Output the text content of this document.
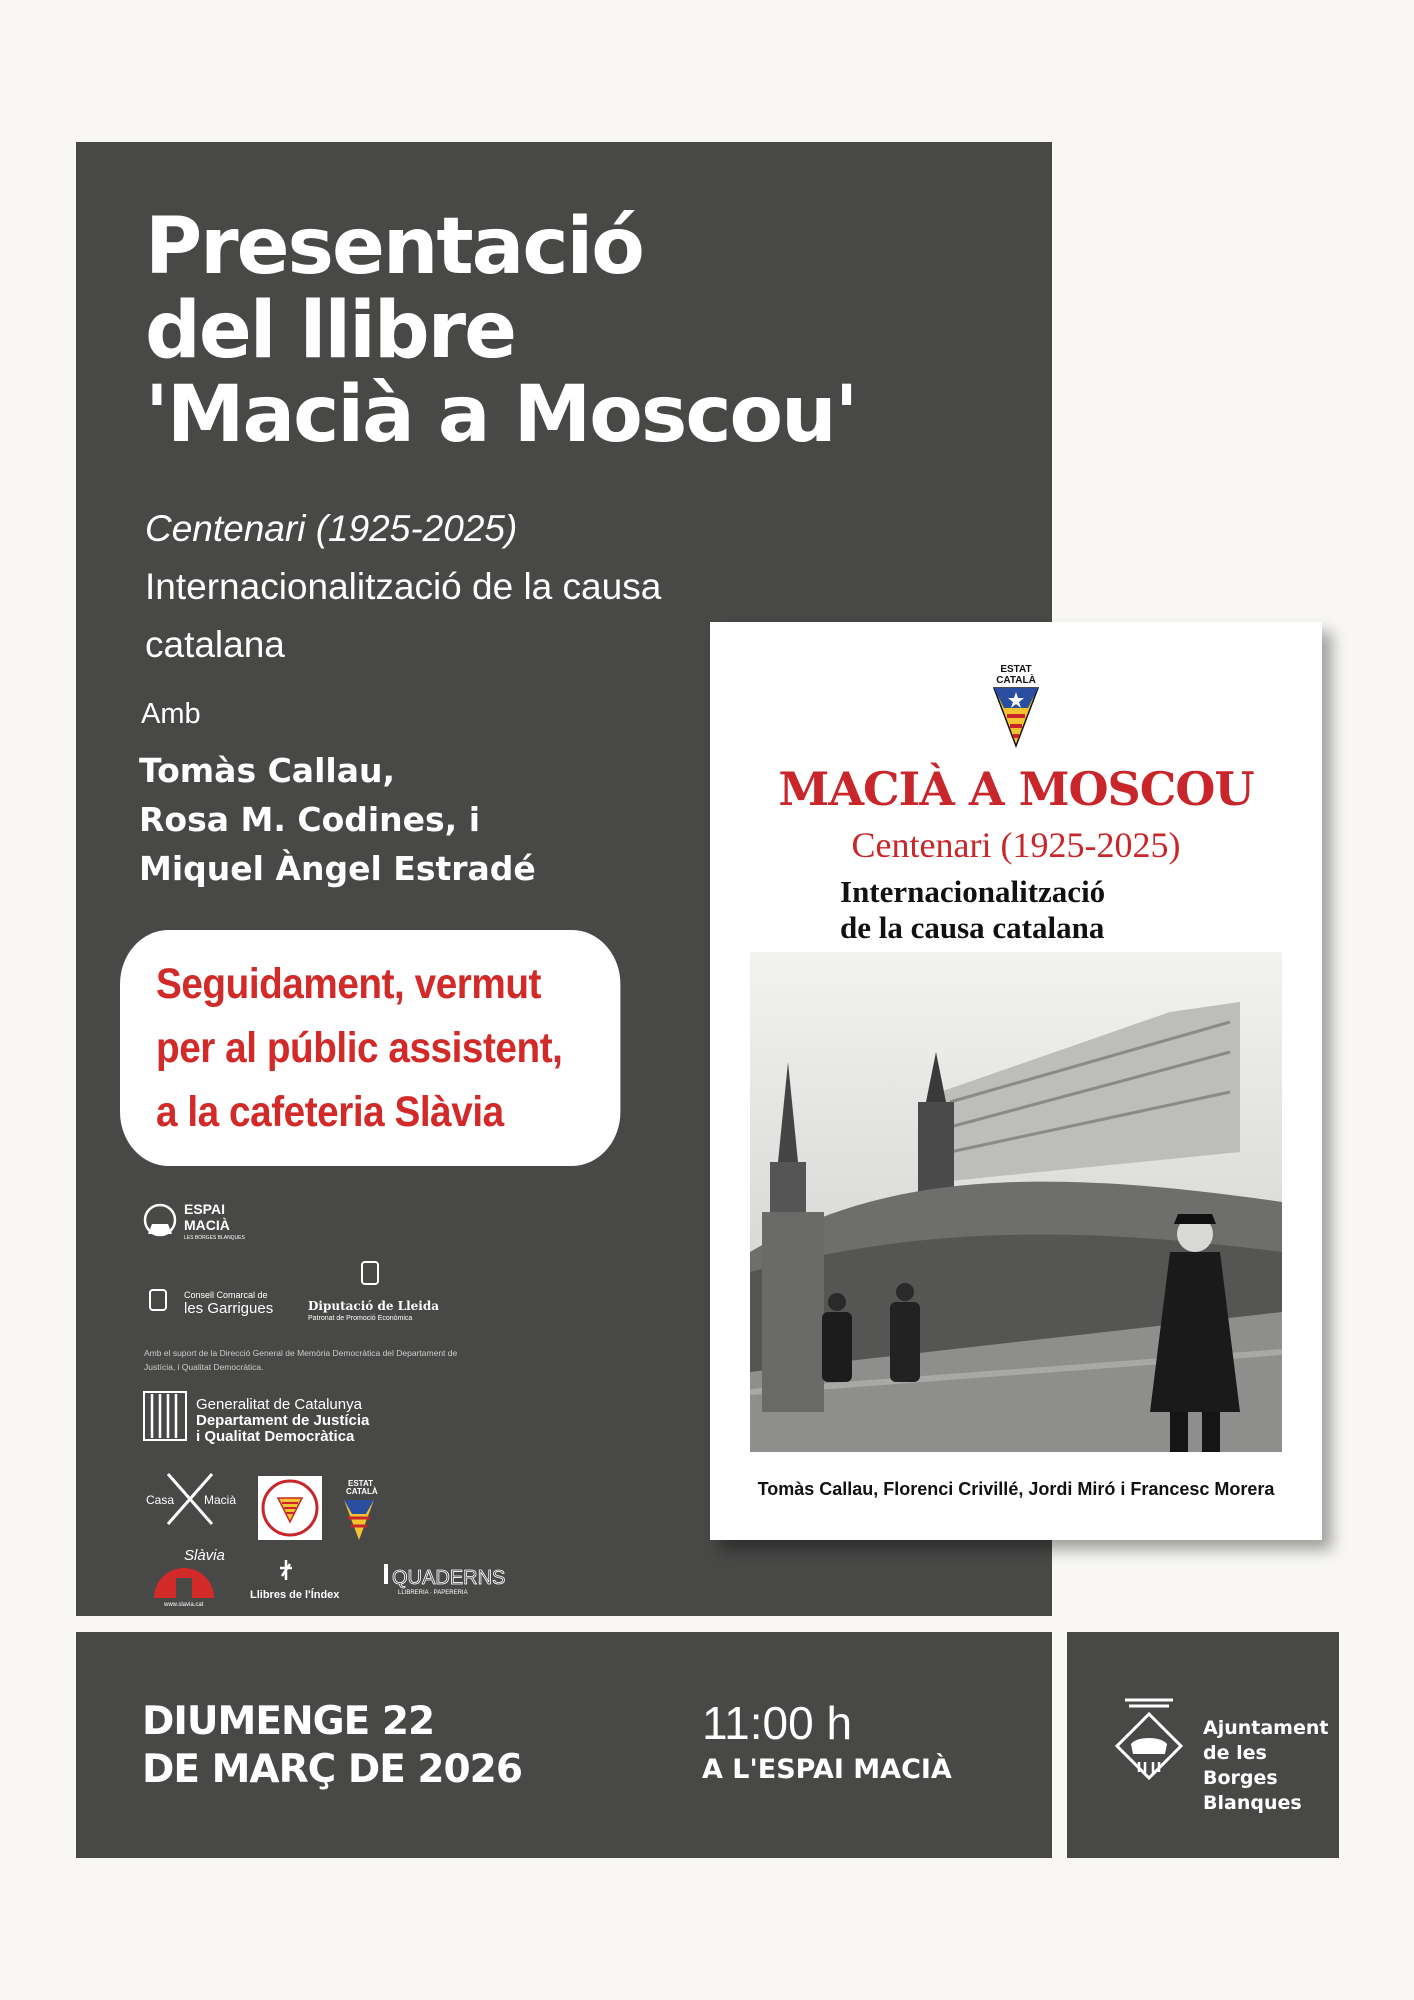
Presentació
del llibre
'Macià a Moscou'
Centenari (1925-2025)
Internacionalització de la causa catalana
Amb
Tomàs Callau,
Rosa M. Codines, i
Miquel Àngel Estradé
Seguidament, vermut
per al públic assistent,
a la cafeteria Slàvia
ESPAI
MACIÀ
LES BORGES BLANQUES
Consell Comarcal de
les Garrigues	Diputació de Lleida
Patronat de Promoció Econòmica
Amb el suport de la Direcció General de Memòria Democràtica del Departament de Justícia, i Qualitat Democràtica.
Generalitat de Catalunya
Departament de Justícia
i Qualitat Democràtica
Casa Macià
ESTAT
CATALÀ
Slàvia
www.slavia.cat
Llibres de l'Índex
QUADERNS
LLIBRERIA · PAPERERIA
ESTAT
CATALÀ
MACIÀ A MOSCOU
Centenari (1925-2025)
Internacionalització
de la causa catalana
Tomàs Callau, Florenci Crivillé, Jordi Miró i Francesc Morera
DIUMENGE 22
DE MARÇ DE 2026
11:00 h
A L'ESPAI MACIÀ
Ajuntament
de les Borges
Blanques
